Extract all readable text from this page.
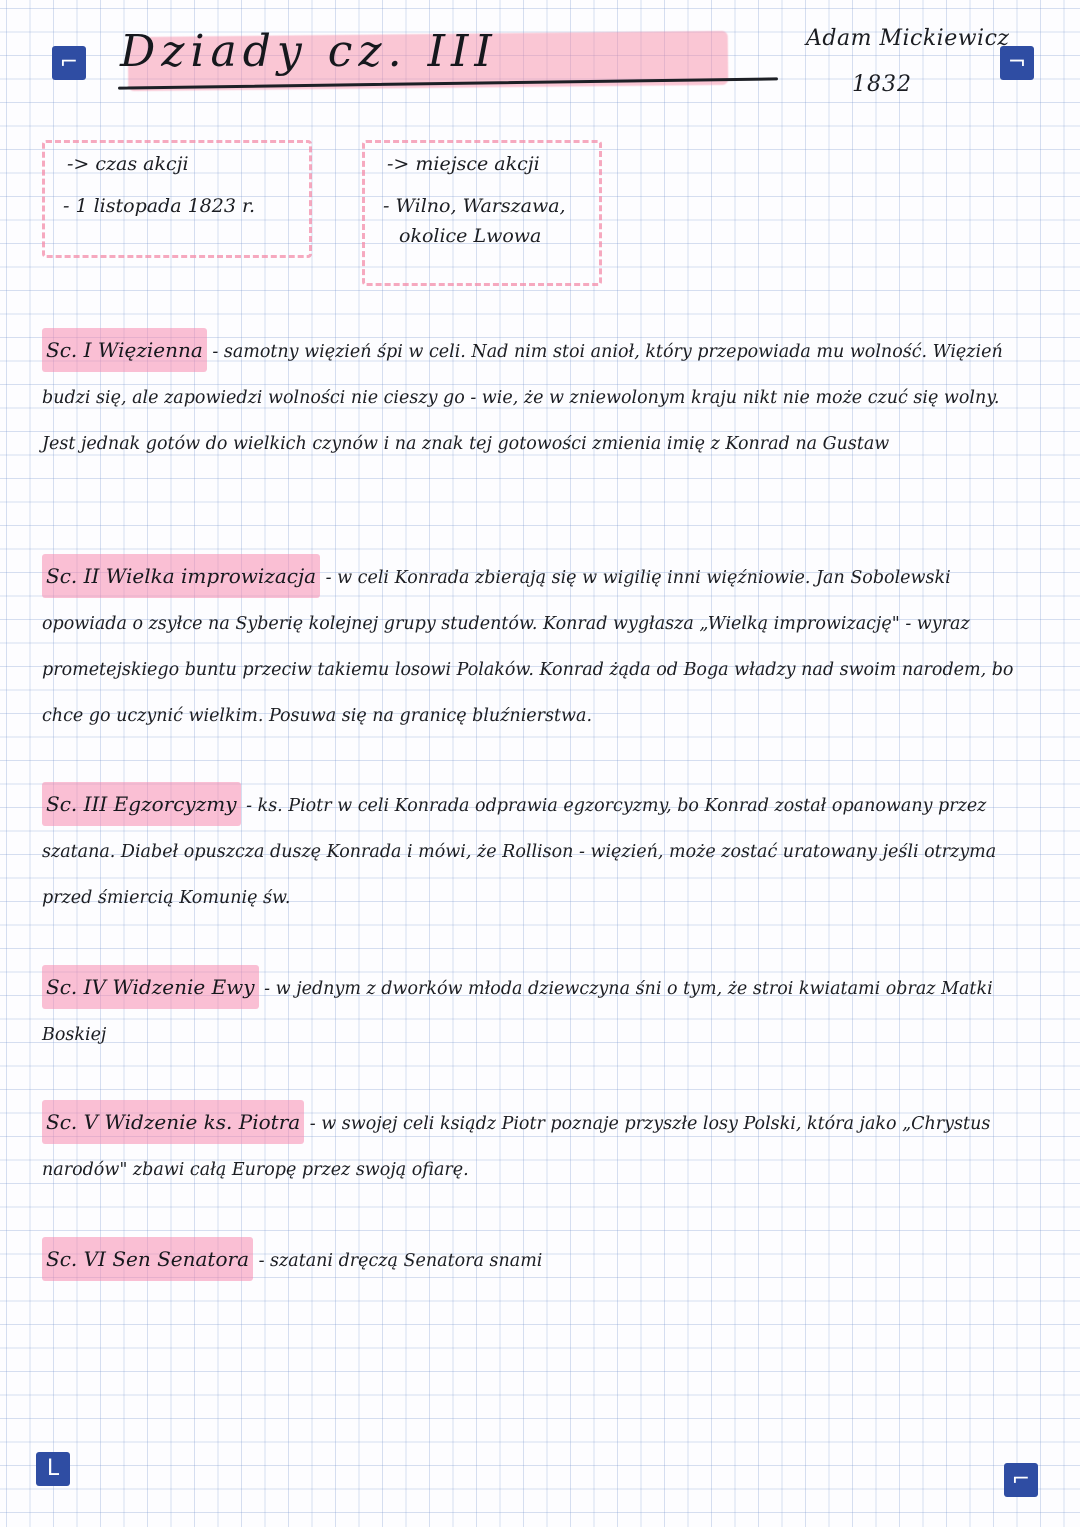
⌐	¬
L	⌐
Dziady cz. III	Adam Mickiewicz
1832
-> czas akcji
- 1 listopada 1823 r.
-> miejsce akcji
- Wilno, Warszawa,
okolice Lwowa
Sc. I Więzienna - samotny więzień śpi w celi. Nad nim stoi anioł, który przepowiada mu wolność. Więzień budzi się, ale zapowiedzi wolności nie cieszy go - wie, że w zniewolonym kraju nikt nie może czuć się wolny. Jest jednak gotów do wielkich czynów i na znak tej gotowości zmienia imię z Konrad na Gustaw
Sc. II Wielka improwizacja - w celi Konrada zbierają się w wigilię inni więźniowie. Jan Sobolewski opowiada o zsyłce na Syberię kolejnej grupy studentów. Konrad wygłasza „Wielką improwizację" - wyraz prometejskiego buntu przeciw takiemu losowi Polaków. Konrad żąda od Boga władzy nad swoim narodem, bo chce go uczynić wielkim. Posuwa się na granicę bluźnierstwa.
Sc. III Egzorcyzmy - ks. Piotr w celi Konrada odprawia egzorcyzmy, bo Konrad został opanowany przez szatana. Diabeł opuszcza duszę Konrada i mówi, że Rollison - więzień, może zostać uratowany jeśli otrzyma przed śmiercią Komunię św.
Sc. IV Widzenie Ewy - w jednym z dworków młoda dziewczyna śni o tym, że stroi kwiatami obraz Matki Boskiej
Sc. V Widzenie ks. Piotra - w swojej celi ksiądz Piotr poznaje przyszłe losy Polski, która jako „Chrystus narodów" zbawi całą Europę przez swoją ofiarę.
Sc. VI Sen Senatora - szatani dręczą Senatora snami
